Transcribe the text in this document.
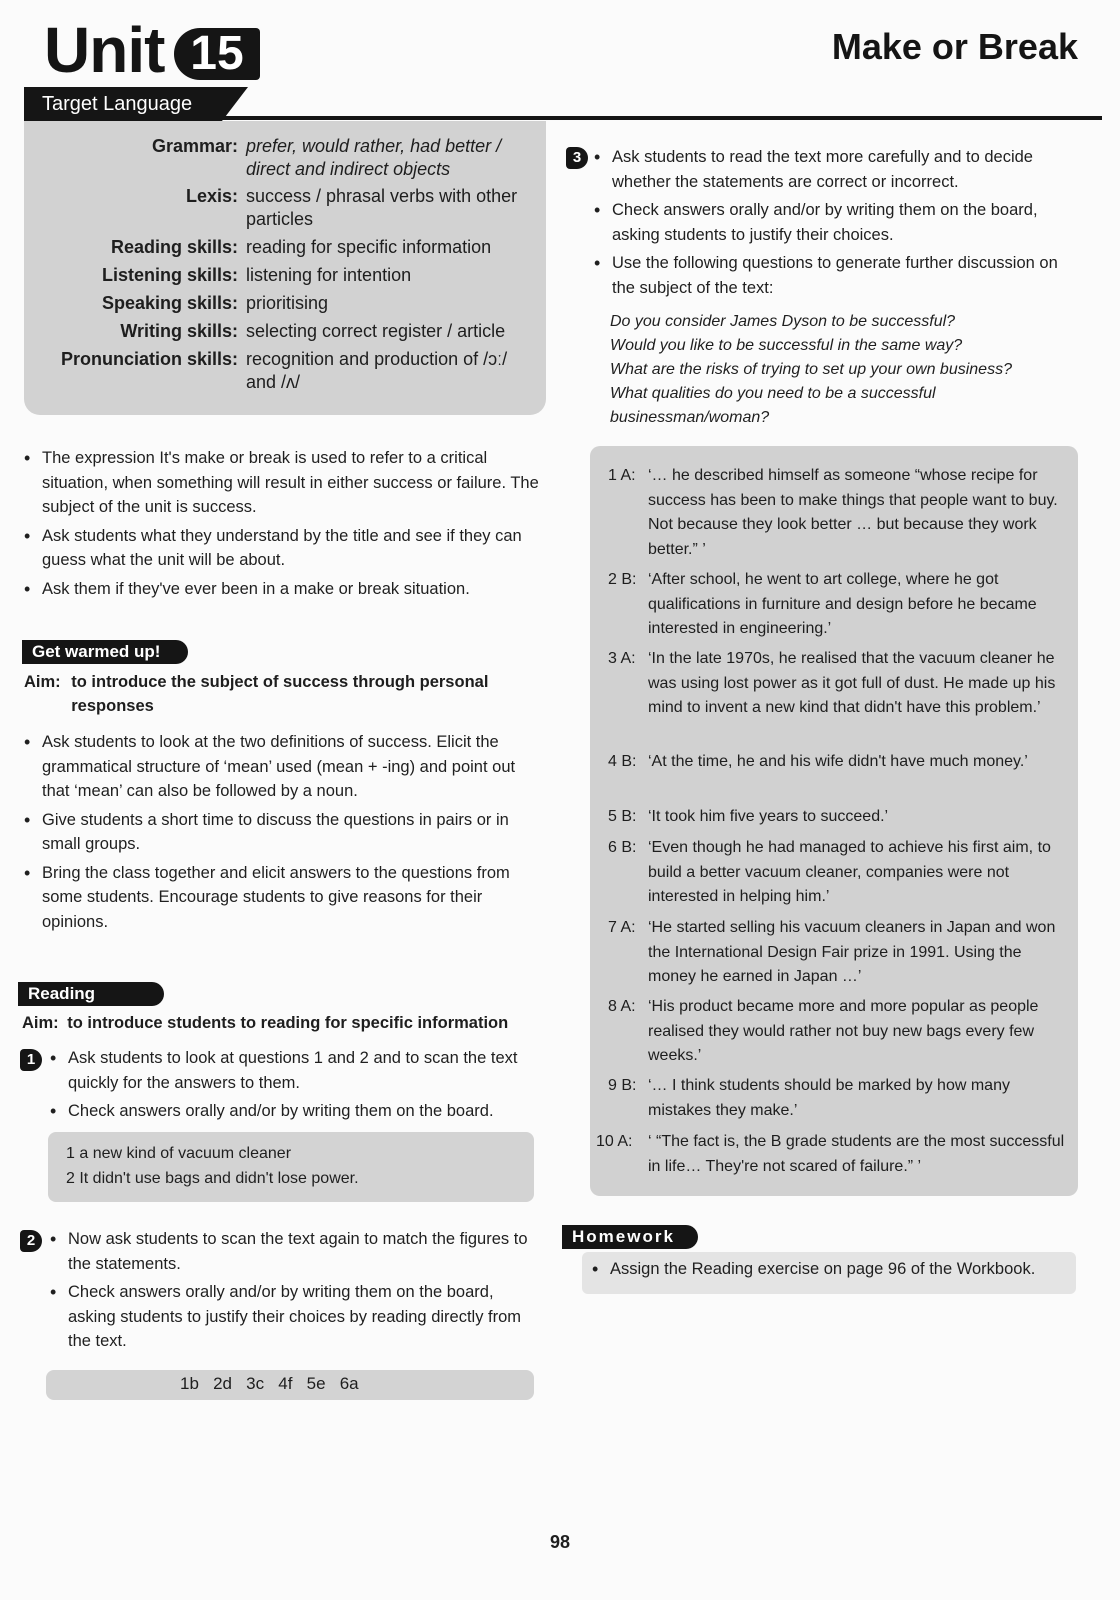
Unit 15	Make or Break
Target Language
Grammar: prefer, would rather, had better / direct and indirect objects
Lexis: success / phrasal verbs with other particles
Reading skills: reading for specific information
Listening skills: listening for intention
Speaking skills: prioritising
Writing skills: selecting correct register / article
Pronunciation skills: recognition and production of /ɔː/ and /ʌ/
• The expression It's make or break is used to refer to a critical situation, when something will result in either success or failure. The subject of the unit is success.
• Ask students what they understand by the title and see if they can guess what the unit will be about.
• Ask them if they've ever been in a make or break situation.
Get warmed up!
Aim: to introduce the subject of success through personal responses
• Ask students to look at the two definitions of success. Elicit the grammatical structure of ‘mean’ used (mean + -ing) and point out that ‘mean’ can also be followed by a noun.
• Give students a short time to discuss the questions in pairs or in small groups.
• Bring the class together and elicit answers to the questions from some students. Encourage students to give reasons for their opinions.
Reading
Aim: to introduce students to reading for specific information
1	• Ask students to look at questions 1 and 2 and to scan the text quickly for the answers to them.
• Check answers orally and/or by writing them on the board.
1 a new kind of vacuum cleaner
2 It didn't use bags and didn't lose power.
2	• Now ask students to scan the text again to match the figures to the statements.
• Check answers orally and/or by writing them on the board, asking students to justify their choices by reading directly from the text.
1b   2d   3c   4f   5e   6a
3	• Ask students to read the text more carefully and to decide whether the statements are correct or incorrect.
• Check answers orally and/or by writing them on the board, asking students to justify their choices.
• Use the following questions to generate further discussion on the subject of the text:
Do you consider James Dyson to be successful?
Would you like to be successful in the same way?
What are the risks of trying to set up your own business?
What qualities do you need to be a successful businessman/woman?
1 A: ‘… he described himself as someone “whose recipe for success has been to make things that people want to buy. Not because they look better … but because they work better.” ’
2 B: ‘After school, he went to art college, where he got qualifications in furniture and design before he became interested in engineering.’
3 A: ‘In the late 1970s, he realised that the vacuum cleaner he was using lost power as it got full of dust. He made up his mind to invent a new kind that didn't have this problem.’
4 B: ‘At the time, he and his wife didn't have much money.’
5 B: ‘It took him five years to succeed.’
6 B: ‘Even though he had managed to achieve his first aim, to build a better vacuum cleaner, companies were not interested in helping him.’
7 A: ‘He started selling his vacuum cleaners in Japan and won the International Design Fair prize in 1991. Using the money he earned in Japan …’
8 A: ‘His product became more and more popular as people realised they would rather not buy new bags every few weeks.’
9 B: ‘… I think students should be marked by how many mistakes they make.’
10 A: ‘ “The fact is, the B grade students are the most successful in life… They're not scared of failure.” ’
Homework
• Assign the Reading exercise on page 96 of the Workbook.
98
